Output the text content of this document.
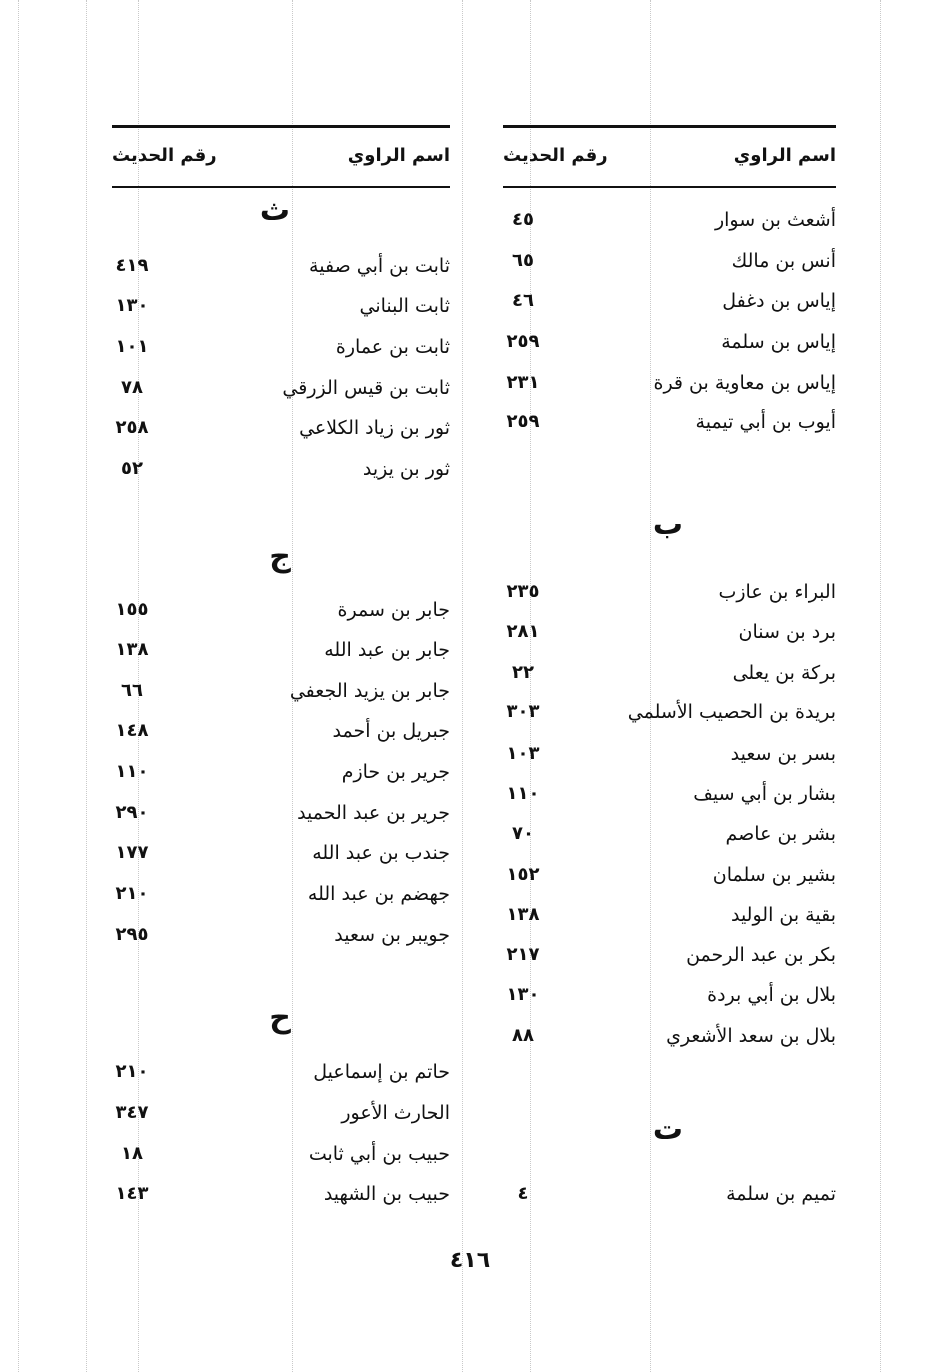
اسم الراوي
رقم الحديث
أشعث بن سوار
٤٥
أنس بن مالك
٦٥
إياس بن دغفل
٤٦
إياس بن سلمة
٢٥٩
إياس بن معاوية بن قرة
٢٣١
أيوب بن أبي تيمية
٢٥٩
ب
البراء بن عازب
٢٣٥
برد بن سنان
٢٨١
بركة بن يعلى
٢٢
بريدة بن الحصيب الأسلمي
٣٠٣
بسر بن سعيد
١٠٣
بشار بن أبي سيف
١١٠
بشر بن عاصم
٧٠
بشير بن سلمان
١٥٢
بقية بن الوليد
١٣٨
بكر بن عبد الرحمن
٢١٧
بلال بن أبي بردة
١٣٠
بلال بن سعد الأشعري
٨٨
ت
تميم بن سلمة
٤
اسم الراوي
رقم الحديث
ث
ثابت بن أبي صفية
٤١٩
ثابت البناني
١٣٠
ثابت بن عمارة
١٠١
ثابت بن قيس الزرقي
٧٨
ثور بن زياد الكلاعي
٢٥٨
ثور بن يزيد
٥٢
ج
جابر بن سمرة
١٥٥
جابر بن عبد الله
١٣٨
جابر بن يزيد الجعفي
٦٦
جبريل بن أحمد
١٤٨
جرير بن حازم
١١٠
جرير بن عبد الحميد
٢٩٠
جندب بن عبد الله
١٧٧
جهضم بن عبد الله
٢١٠
جويبر بن سعيد
٢٩٥
ح
حاتم بن إسماعيل
٢١٠
الحارث الأعور
٣٤٧
حبيب بن أبي ثابت
١٨
حبيب بن الشهيد
١٤٣
٤١٦
